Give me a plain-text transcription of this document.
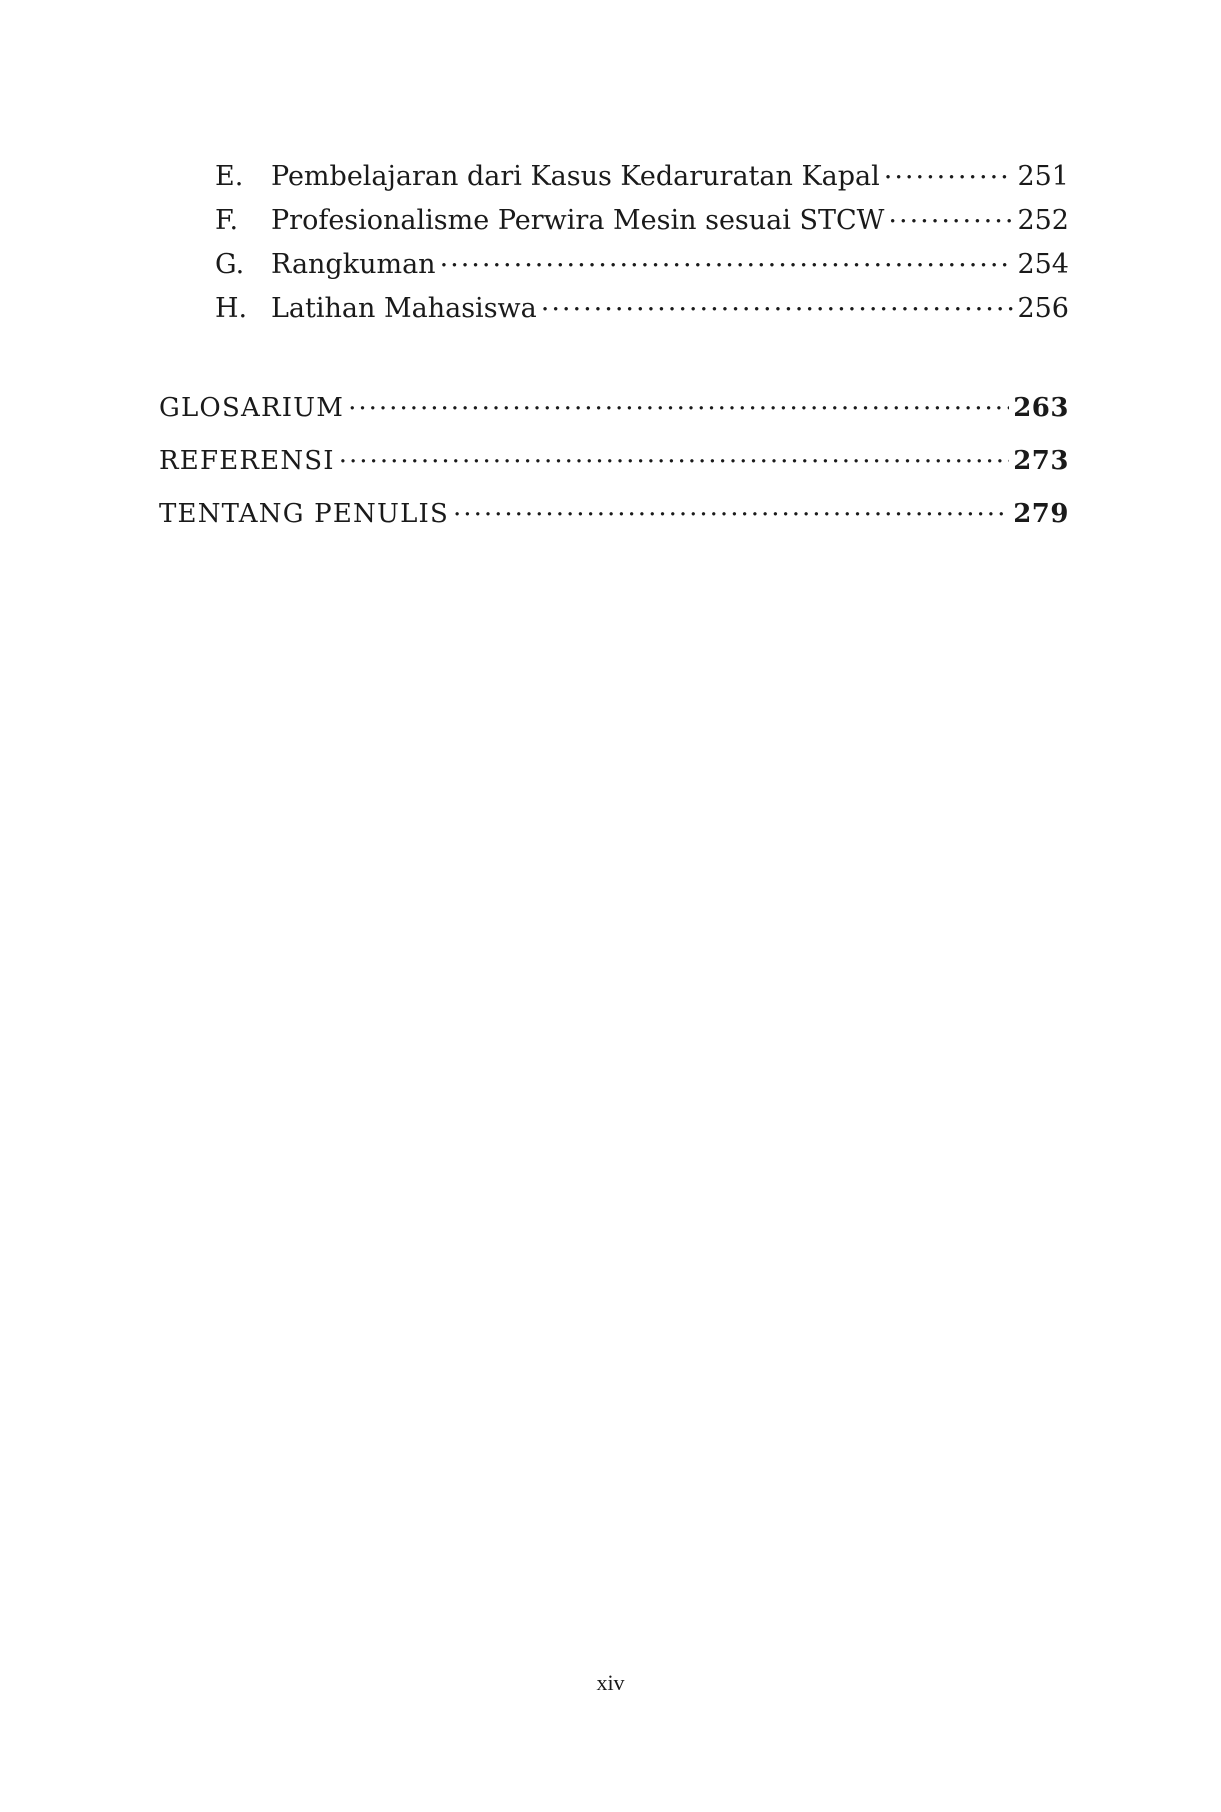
E.	Pembelajaran dari Kasus Kedaruratan Kapal .....	251
F.	Profesionalisme Perwira Mesin sesuai STCW .....	252
G. Rangkuman .....	254
H. Latihan Mahasiswa .....	256
GLOSARIUM .....	263
REFERENSI .....	273
TENTANG PENULIS .....	279
xiv
